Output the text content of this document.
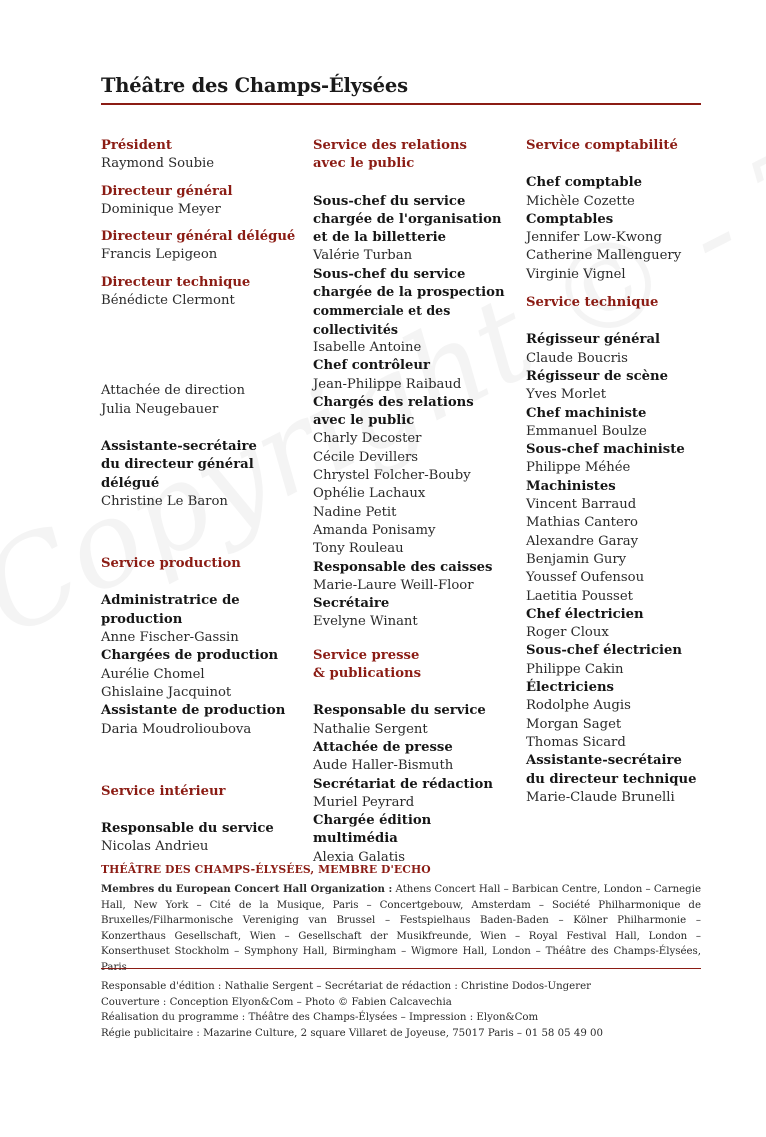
Théâtre des Champs-Élysées
Président
Raymond Soubie
Directeur général
Dominique Meyer
Directeur général délégué
Francis Lepigeon
Directeur technique
Bénédicte Clermont
Attachée de direction
Julia Neugebauer
Assistante-secrétaire
du directeur général délégué
Christine Le Baron
Service production
Administratrice de production
Anne Fischer-Gassin
Chargées de production
Aurélie Chomel
Ghislaine Jacquinot
Assistante de production
Daria Moudrolioubova
Service intérieur
Responsable du service
Nicolas Andrieu
Service des relations
avec le public
Sous-chef du service
chargée de l'organisation
et de la billetterie
Valérie Turban
Sous-chef du service
chargée de la prospection
commerciale et des collectivités
Isabelle Antoine
Chef contrôleur
Jean-Philippe Raibaud
Chargés des relations
avec le public
Charly Decoster
Cécile Devillers
Chrystel Folcher-Bouby
Ophélie Lachaux
Nadine Petit
Amanda Ponisamy
Tony Rouleau
Responsable des caisses
Marie-Laure Weill-Floor
Secrétaire
Evelyne Winant
Service presse
& publications
Responsable du service
Nathalie Sergent
Attachée de presse
Aude Haller-Bismuth
Secrétariat de rédaction
Muriel Peyrard
Chargée édition multimédia
Alexia Galatis
Service comptabilité
Chef comptable
Michèle Cozette
Comptables
Jennifer Low-Kwong
Catherine Mallenguery
Virginie Vignel
Service technique
Régisseur général
Claude Boucris
Régisseur de scène
Yves Morlet
Chef machiniste
Emmanuel Boulze
Sous-chef machiniste
Philippe Méhée
Machinistes
Vincent Barraud
Mathias Cantero
Alexandre Garay
Benjamin Gury
Youssef Oufensou
Laetitia Pousset
Chef électricien
Roger Cloux
Sous-chef électricien
Philippe Cakin
Électriciens
Rodolphe Augis
Morgan Saget
Thomas Sicard
Assistante-secrétaire
du directeur technique
Marie-Claude Brunelli
THÉÂTRE DES CHAMPS-ÉLYSÉES, MEMBRE D'ECHO
Membres du European Concert Hall Organization : Athens Concert Hall – Barbican Centre, London – Carnegie Hall, New York – Cité de la Musique, Paris – Concertgebouw, Amsterdam – Société Philharmonique de Bruxelles/Filharmonische Vereniging van Brussel – Festspielhaus Baden-Baden – Kölner Philharmonie – Konzerthaus Gesellschaft, Wien – Gesellschaft der Musikfreunde, Wien – Royal Festival Hall, London – Konserthuset Stockholm – Symphony Hall, Birmingham – Wigmore Hall, London – Théâtre des Champs-Élysées,
Responsable d'édition : Nathalie Sergent – Secrétariat de rédaction : Christine Dodos-Ungerer
Couverture : Conception Elyon&Com – Photo © Fabien Calcavechia
Réalisation du programme : Théâtre des Champs-Élysées – Impression : Elyon&Com
Régie publicitaire : Mazarine Culture, 2 square Villaret de Joyeuse, 75017 Paris – 01 58 05 49 00
